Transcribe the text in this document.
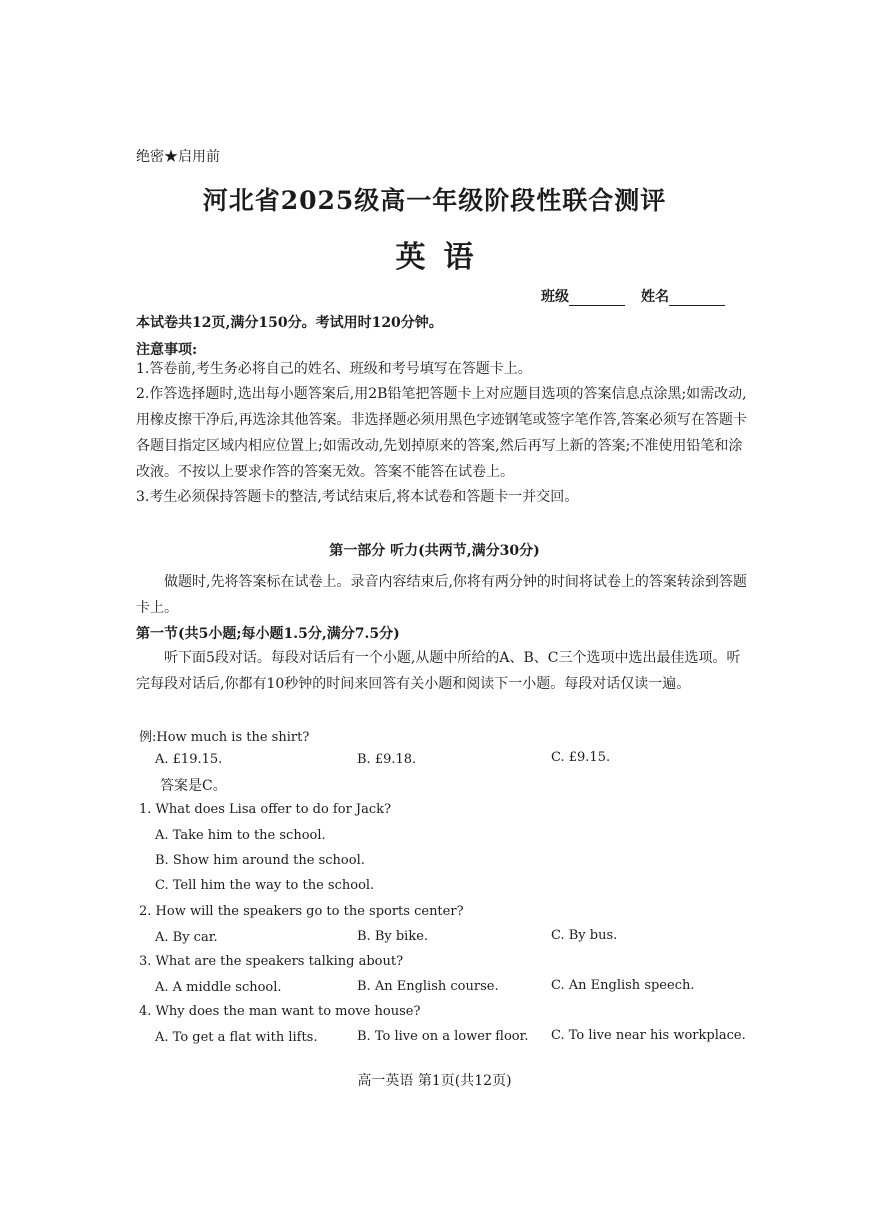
绝密★启用前
河北省2025级高一年级阶段性联合测评
英语
班级	姓名
本试卷共12页,满分150分。考试用时120分钟。
注意事项:
1.答卷前,考生务必将自己的姓名、班级和考号填写在答题卡上。
2.作答选择题时,选出每小题答案后,用2B铅笔把答题卡上对应题目选项的答案信息点涂黑;如需改动,用橡皮擦干净后,再选涂其他答案。非选择题必须用黑色字迹钢笔或签字笔作答,答案必须写在答题卡各题目指定区域内相应位置上;如需改动,先划掉原来的答案,然后再写上新的答案;不准使用铅笔和涂改液。不按以上要求作答的答案无效。答案不能答在试卷上。
3.考生必须保持答题卡的整洁,考试结束后,将本试卷和答题卡一并交回。
第一部分 听力(共两节,满分30分)
做题时,先将答案标在试卷上。录音内容结束后,你将有两分钟的时间将试卷上的答案转涂到答题卡上。
第一节(共5小题;每小题1.5分,满分7.5分)
听下面5段对话。每段对话后有一个小题,从题中所给的A、B、C三个选项中选出最佳选项。听完每段对话后,你都有10秒钟的时间来回答有关小题和阅读下一小题。每段对话仅读一遍。
例:How much is the shirt?
A. £19.15.	B. £9.18.	C. £9.15.
答案是C。
1. What does Lisa offer to do for Jack?
A. Take him to the school.
B. Show him around the school.
C. Tell him the way to the school.
2. How will the speakers go to the sports center?
A. By car.	B. By bike.	C. By bus.
3. What are the speakers talking about?
A. A middle school.	B. An English course.	C. An English speech.
4. Why does the man want to move house?
A. To get a flat with lifts.	B. To live on a lower floor. C. To live near his workplace.
高一英语 第1页(共12页)
